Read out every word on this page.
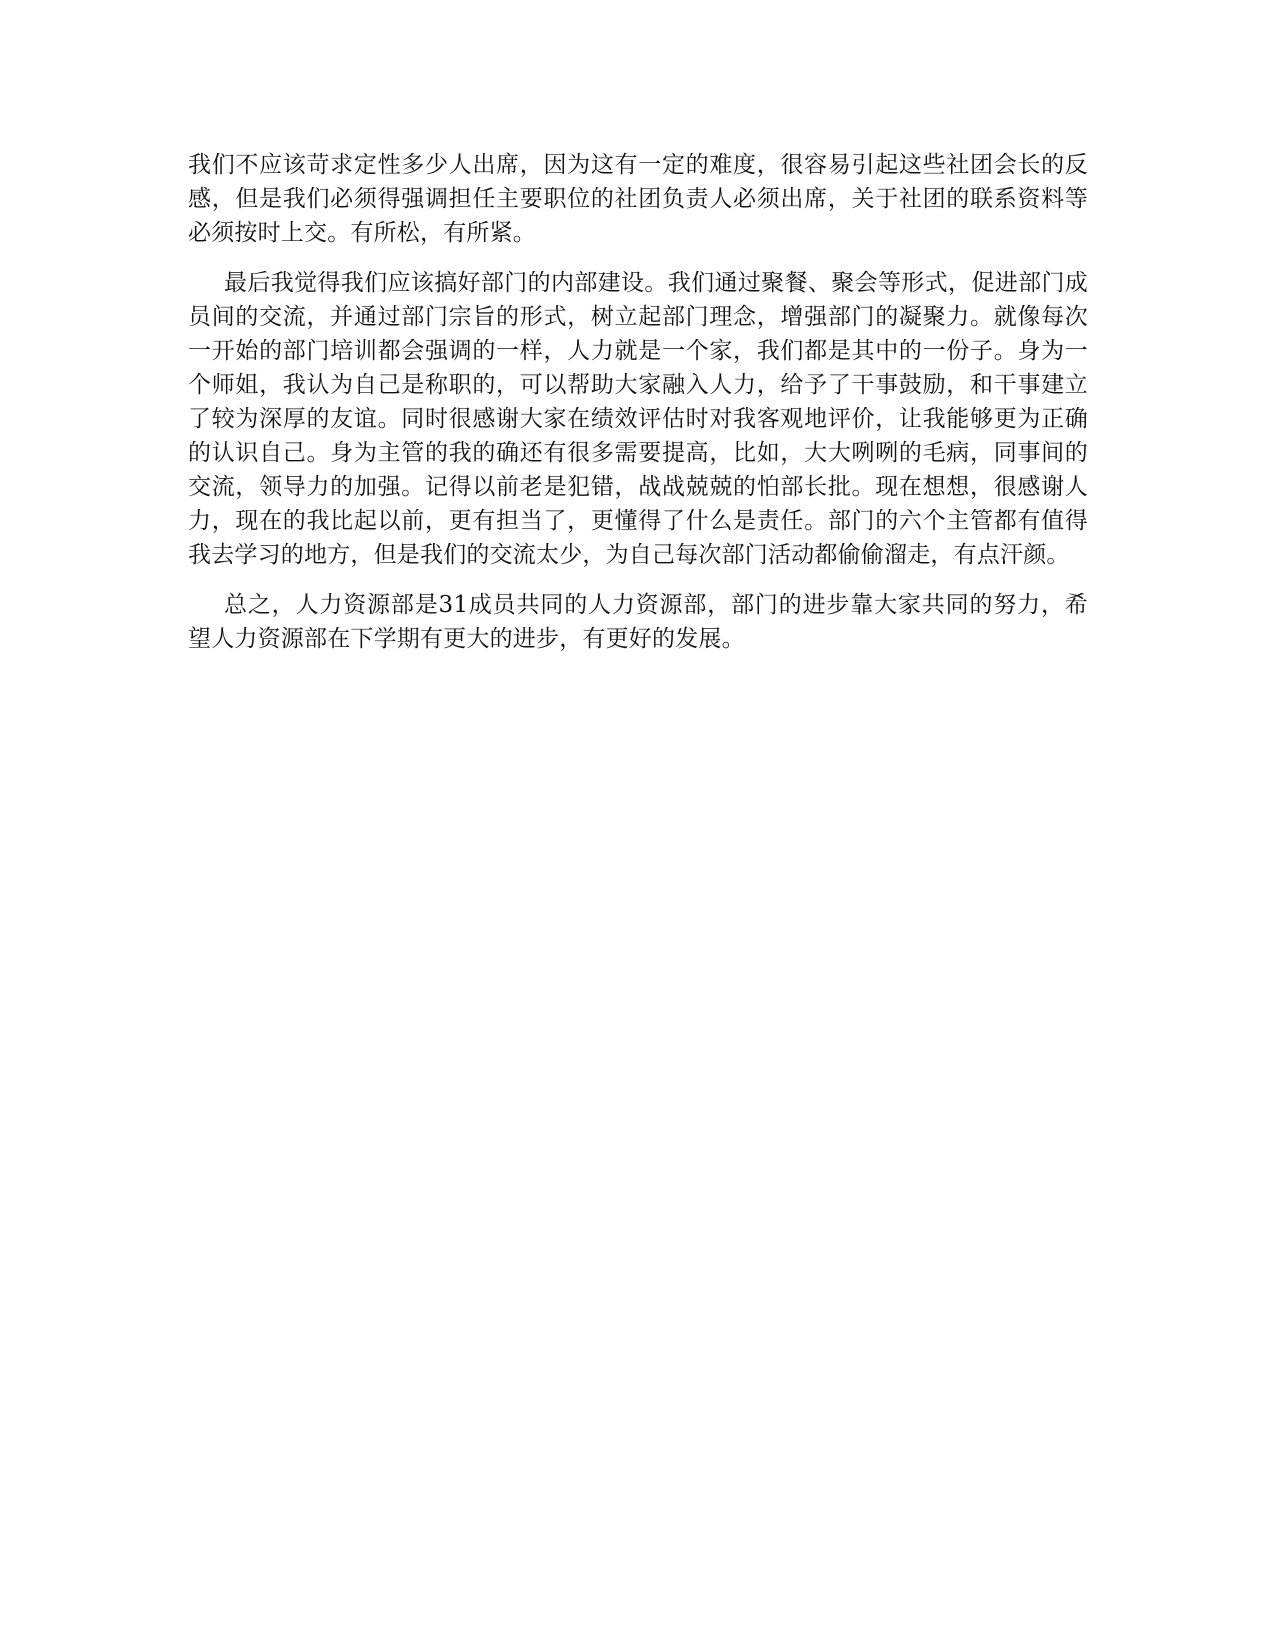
我们不应该苛求定性多少人出席，因为这有一定的难度，很容易引起这些社团会长的反感，但是我们必须得强调担任主要职位的社团负责人必须出席，关于社团的联系资料等必须按时上交。有所松，有所紧。

最后我觉得我们应该搞好部门的内部建设。我们通过聚餐、聚会等形式，促进部门成员间的交流，并通过部门宗旨的形式，树立起部门理念，增强部门的凝聚力。就像每次一开始的部门培训都会强调的一样，人力就是一个家，我们都是其中的一份子。身为一个师姐，我认为自己是称职的，可以帮助大家融入人力，给予了干事鼓励，和干事建立了较为深厚的友谊。同时很感谢大家在绩效评估时对我客观地评价，让我能够更为正确的认识自己。身为主管的我的确还有很多需要提高，比如，大大咧咧的毛病，同事间的交流，领导力的加强。记得以前老是犯错，战战兢兢的怕部长批。现在想想，很感谢人力，现在的我比起以前，更有担当了，更懂得了什么是责任。部门的六个主管都有值得我去学习的地方，但是我们的交流太少，为自己每次部门活动都偷偷溜走，有点汗颜。

总之，人力资源部是31成员共同的人力资源部，部门的进步靠大家共同的努力，希望人力资源部在下学期有更大的进步，有更好的发展。
